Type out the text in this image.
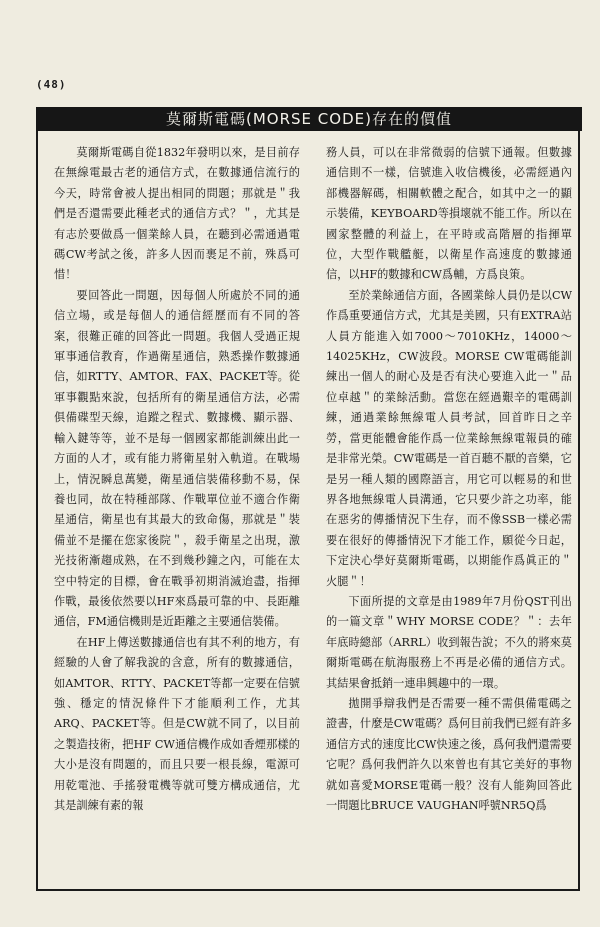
(48)
莫爾斯電碼(MORSE CODE)存在的價值

莫爾斯電碼自從1832年發明以來，是目前存在無線電最古老的通信方式，在數據通信流行的今天，時常會被人提出相同的問題；那就是＂我們是否還需要此種老式的通信方式？＂，尤其是有志於要做爲一個業餘人員，在聽到必需通過電碼CW考試之後，許多人因而裹足不前，殊爲可惜！

要回答此一問題，因每個人所處於不同的通信立場，或是每個人的通信經歷而有不同的答案，很難正確的回答此一問題。我個人受過正規軍事通信教育，作過衛星通信，熟悉操作數據通信，如RTTY、AMTOR、FAX、PACKET等。從軍事觀點來說，包括所有的衛星通信方法，必需俱備碟型天線，追蹤之程式、數據機、顯示器、輸入鍵等等，並不是每一個國家都能訓練出此一方面的人才，或有能力將衛星射入軌道。在戰場上，情況瞬息萬變，衛星通信裝備移動不易，保養也同，故在特種部隊、作戰單位並不適合作衛星通信，衛星也有其最大的致命傷，那就是＂裝備並不是擺在您家後院＂，殺手衛星之出現，激光技術漸趨成熟，在不到幾秒鐘之內，可能在太空中特定的目標，會在戰爭初期消滅迨盡，指揮作戰，最後依然要以HF來爲最可靠的中、長距離通信，FM通信機則是近距離之主要通信裝備。

在HF上傳送數據通信也有其不利的地方，有經驗的人會了解我說的含意，所有的數據通信，如AMTOR、RTTY、PACKET等都一定要在信號強、穩定的情況條件下才能順利工作，尤其ARQ、PACKET等。但是CW就不同了，以目前之製造技術，把HF CW通信機作成如香煙那樣的大小是沒有問題的，而且只要一根長線，電源可用乾電池、手搖發電機等就可雙方構成通信，尤其是訓練有素的報

務人員，可以在非常微弱的信號下通報。但數據通信則不一樣，信號進入收信機後，必需經過內部機器解碼，相關軟體之配合，如其中之一的顯示裝備，KEYBOARD等損壞就不能工作。所以在國家整體的利益上，在平時或高階層的指揮單位，大型作戰艦艇，以衛星作高速度的數據通信，以HF的數據和CW爲輔，方爲良策。

至於業餘通信方面，各國業餘人員仍是以CW作爲重要通信方式，尤其是美國，只有EXTRA站人員方能進入如7000～7010KHz，14000～14025KHz，CW波段。MORSE CW電碼能訓練出一個人的耐心及是否有決心要進入此一＂品位卓越＂的業餘活動。當您在經過艱辛的電碼訓練，通過業餘無線電人員考試，回首昨日之辛勞，當更能體會能作爲一位業餘無線電報員的確是非常光榮。CW電碼是一首百聽不厭的音樂，它是另一種人類的國際語言，用它可以輕易的和世界各地無線電人員溝通，它只要少許之功率，能在惡劣的傳播情況下生存，而不像SSB一樣必需要在很好的傳播情況下才能工作，願從今日起，下定決心學好莫爾斯電碼，以期能作爲眞正的＂火腿＂！

下面所提的文章是由1989年7月份QST刊出的一篇文章＂WHY MORSE CODE？＂：去年年底時總部（ARRL）收到報告說；不久的將來莫爾斯電碼在航海服務上不再是必備的通信方式。其結果會抵銷一連串興趣中的一環。

拋開爭辯我們是否需要一種不需俱備電碼之證書，什麼是CW電碼？爲何目前我們已經有許多通信方式的速度比CW快速之後，爲何我們還需要它呢？爲何我們許久以來曾也有其它美好的事物就如喜愛MORSE電碼一般？沒有人能夠回答此一問題比BRUCE VAUGHAN呼號NR5Q爲
